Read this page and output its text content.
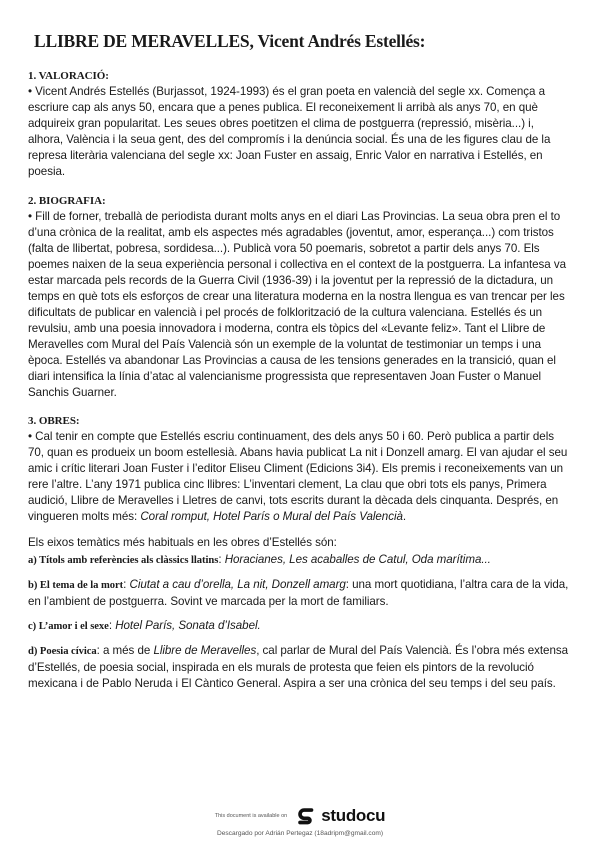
LLIBRE DE MERAVELLES, Vicent Andrés Estellés:

1. VALORACIÓ:

• Vicent Andrés Estellés (Burjassot, 1924-1993) és el gran poeta en valencià del segle xx. Comença a escriure cap als anys 50, encara que a penes publica. El reconeixement li arribà als anys 70, en què adquireix gran popularitat. Les seues obres poetitzen el clima de postguerra (repressió, misèria...) i, alhora, València i la seua gent, des del compromís i la denúncia social. És una de les figures clau de la represa literària valenciana del segle xx: Joan Fuster en assaig, Enric Valor en narrativa i Estellés, en poesia.

2. BIOGRAFIA:

• Fill de forner, treballà de periodista durant molts anys en el diari Las Provincias. La seua obra pren el to d’una crònica de la realitat, amb els aspectes més agradables (joventut, amor, esperança...) com tristos (falta de llibertat, pobresa, sordidesa...). Publicà vora 50 poemaris, sobretot a partir dels anys 70. Els poemes naixen de la seua experiència personal i collectiva en el context de la postguerra. La infantesa va estar marcada pels records de la Guerra Civil (1936-39) i la joventut per la repressió de la dictadura, un temps en què tots els esforços de crear una literatura moderna en la nostra llengua es van trencar per les dificultats de publicar en valencià i pel procés de folklorització de la cultura valenciana. Estellés és un revulsiu, amb una poesia innovadora i moderna, contra els tòpics del «Levante feliz». Tant el Llibre de Meravelles com Mural del País Valencià són un exemple de la voluntat de testimoniar un temps i una època. Estellés va abandonar Las Provincias a causa de les tensions generades en la transició, quan el diari intensifica la línia d’atac al valencianisme progressista que representaven Joan Fuster o Manuel Sanchis Guarner.

3. OBRES:

• Cal tenir en compte que Estellés escriu continuament, des dels anys 50 i 60. Però publica a partir dels 70, quan es produeix un boom estellesià. Abans havia publicat La nit i Donzell amarg. El van ajudar el seu amic i crític literari Joan Fuster i l’editor Eliseu Climent (Edicions 3i4). Els premis i reconeixements van un rere l’altre. L’any 1971 publica cinc llibres: L’inventari clement, La clau que obri tots els panys, Primera audició, Llibre de Meravelles i Lletres de canvi, tots escrits durant la dècada dels cinquanta. Després, en vingueren molts més: Coral romput, Hotel París o Mural del País Valencià.

Els eixos temàtics més habituals en les obres d’Estellés són:

a) Títols amb referències als clàssics llatins: Horacianes, Les acaballes de Catul, Oda marítima...

b) El tema de la mort: Ciutat a cau d’orella, La nit, Donzell amarg: una mort quotidiana, l’altra cara de la vida, en l’ambient de postguerra. Sovint ve marcada per la mort de familiars.

c) L’amor i el sexe: Hotel París, Sonata d’Isabel.

d) Poesia cívica: a més de Llibre de Meravelles, cal parlar de Mural del País Valencià. És l’obra més extensa d’Estellés, de poesia social, inspirada en els murals de protesta que feien els pintors de la revolució mexicana i de Pablo Neruda i El Càntico General. Aspira a ser una crònica del seu temps i del seu país.

This document is available on studocu
Descargado por Adrián Pertegaz (18adripm@gmail.com)
